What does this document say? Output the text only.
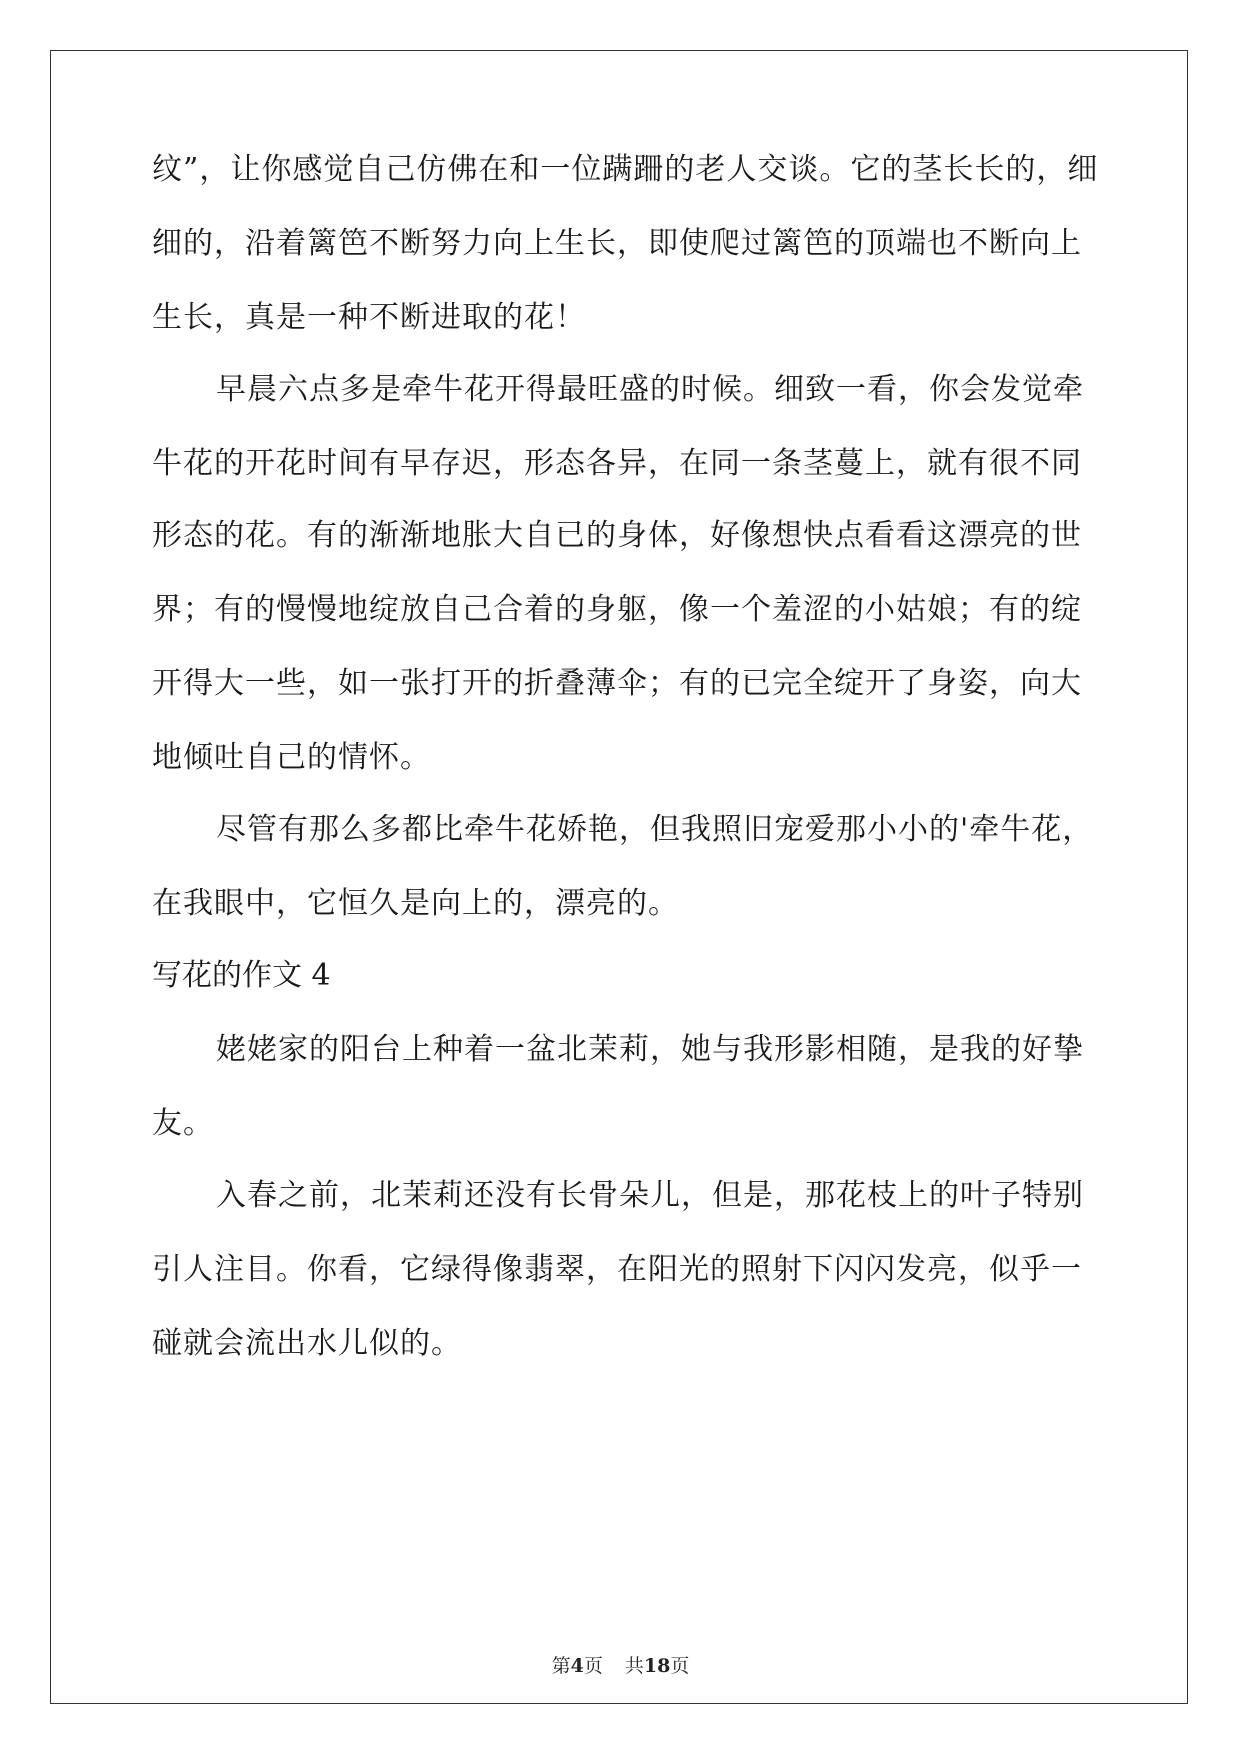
纹”，让你感觉自己仿佛在和一位蹒跚的老人交谈。它的茎长长的，细
细的，沿着篱笆不断努力向上生长，即使爬过篱笆的顶端也不断向上
生长，真是一种不断进取的花！
早晨六点多是牵牛花开得最旺盛的时候。细致一看，你会发觉牵
牛花的开花时间有早存迟，形态各异，在同一条茎蔓上，就有很不同
形态的花。有的渐渐地胀大自已的身体，好像想快点看看这漂亮的世
界；有的慢慢地绽放自己合着的身躯，像一个羞涩的小姑娘；有的绽
开得大一些，如一张打开的折叠薄伞；有的已完全绽开了身姿，向大
地倾吐自己的情怀。
尽管有那么多都比牵牛花娇艳，但我照旧宠爱那小小的'牵牛花，
在我眼中，它恒久是向上的，漂亮的。
写花的作文 4
姥姥家的阳台上种着一盆北茉莉，她与我形影相随，是我的好挚
友。
入春之前，北茉莉还没有长骨朵儿，但是，那花枝上的叶子特别
引人注目。你看，它绿得像翡翠，在阳光的照射下闪闪发亮，似乎一
碰就会流出水儿似的。
第4页 共18页
